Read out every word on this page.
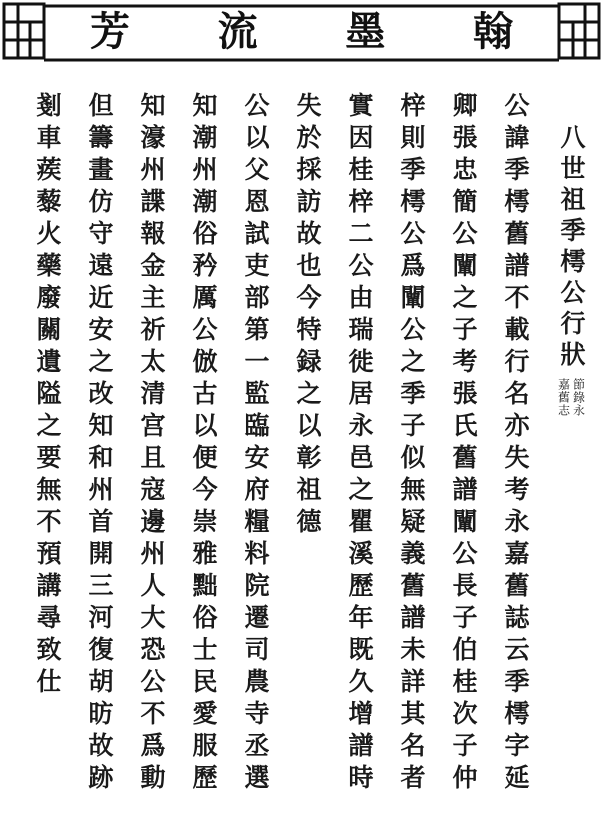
芳 流 墨 翰
八世祖季樗公行狀
節錄永
嘉舊志
公諱季樗舊譜不載行名亦失考永嘉舊誌云季樗字延
卿張忠簡公闡之子考張氏舊譜闡公長子伯桂次子仲
梓則季樗公爲闡公之季子似無疑義舊譜未詳其名者
實因桂梓二公由瑞徙居永邑之瞿溪歷年既久增譜時
失於採訪故也今特録之以彰祖德
公以父恩試吏部第一監臨安府糧料院遷司農寺丞選
知潮州潮俗矜厲公倣古以便今崇雅黜俗士民愛服歷
知濠州諜報金主祈太清宫且寇邊州人大恐公不爲動
但籌畫仿守遠近安之改知和州首開三河復胡昉故跡
剗車蒺藜火藥廢關遺隘之要無不預講尋致仕
